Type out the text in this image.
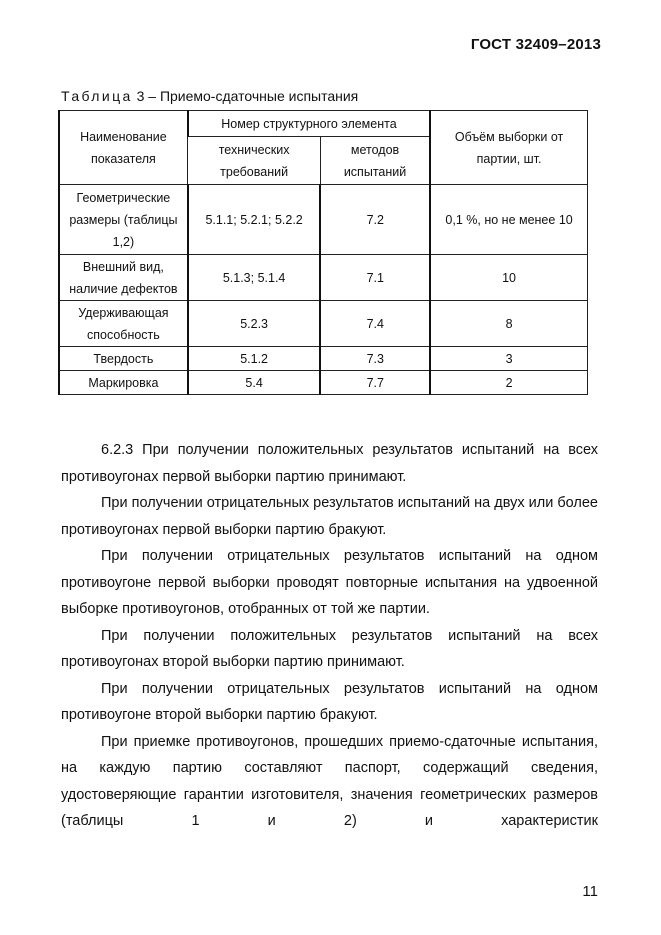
ГОСТ 32409–2013
Таблица 3 – Приемо-сдаточные испытания
Наименование показателя	Номер структурного элемента		Объём выборки от партии, шт.
	технических требований	методов испытаний	
Геометрические размеры (таблицы 1,2)	5.1.1; 5.2.1; 5.2.2	7.2	0,1 %, но не менее 10
Внешний вид, наличие дефектов	5.1.3; 5.1.4	7.1	10
Удерживающая способность	5.2.3	7.4	8
Твердость	5.1.2	7.3	3
Маркировка	5.4	7.7	2

6.2.3 При получении положительных результатов испытаний на всех противоугонах первой выборки партию принимают.

При получении отрицательных результатов испытаний на двух или более противоугонах первой выборки партию бракуют.

При получении отрицательных результатов испытаний на одном противоугоне первой выборки проводят повторные испытания на удвоенной выборке противоугонов, отобранных от той же партии.

При получении положительных результатов испытаний на всех противоугонах второй выборки партию принимают.

При получении отрицательных результатов испытаний на одном противоугоне второй выборки партию бракуют.

При приемке противоугонов, прошедших приемо-сдаточные испытания, на каждую партию составляют паспорт, содержащий сведения, удостоверяющие гарантии изготовителя, значения геометрических размеров (таблицы 1 и 2) и характеристик

11
